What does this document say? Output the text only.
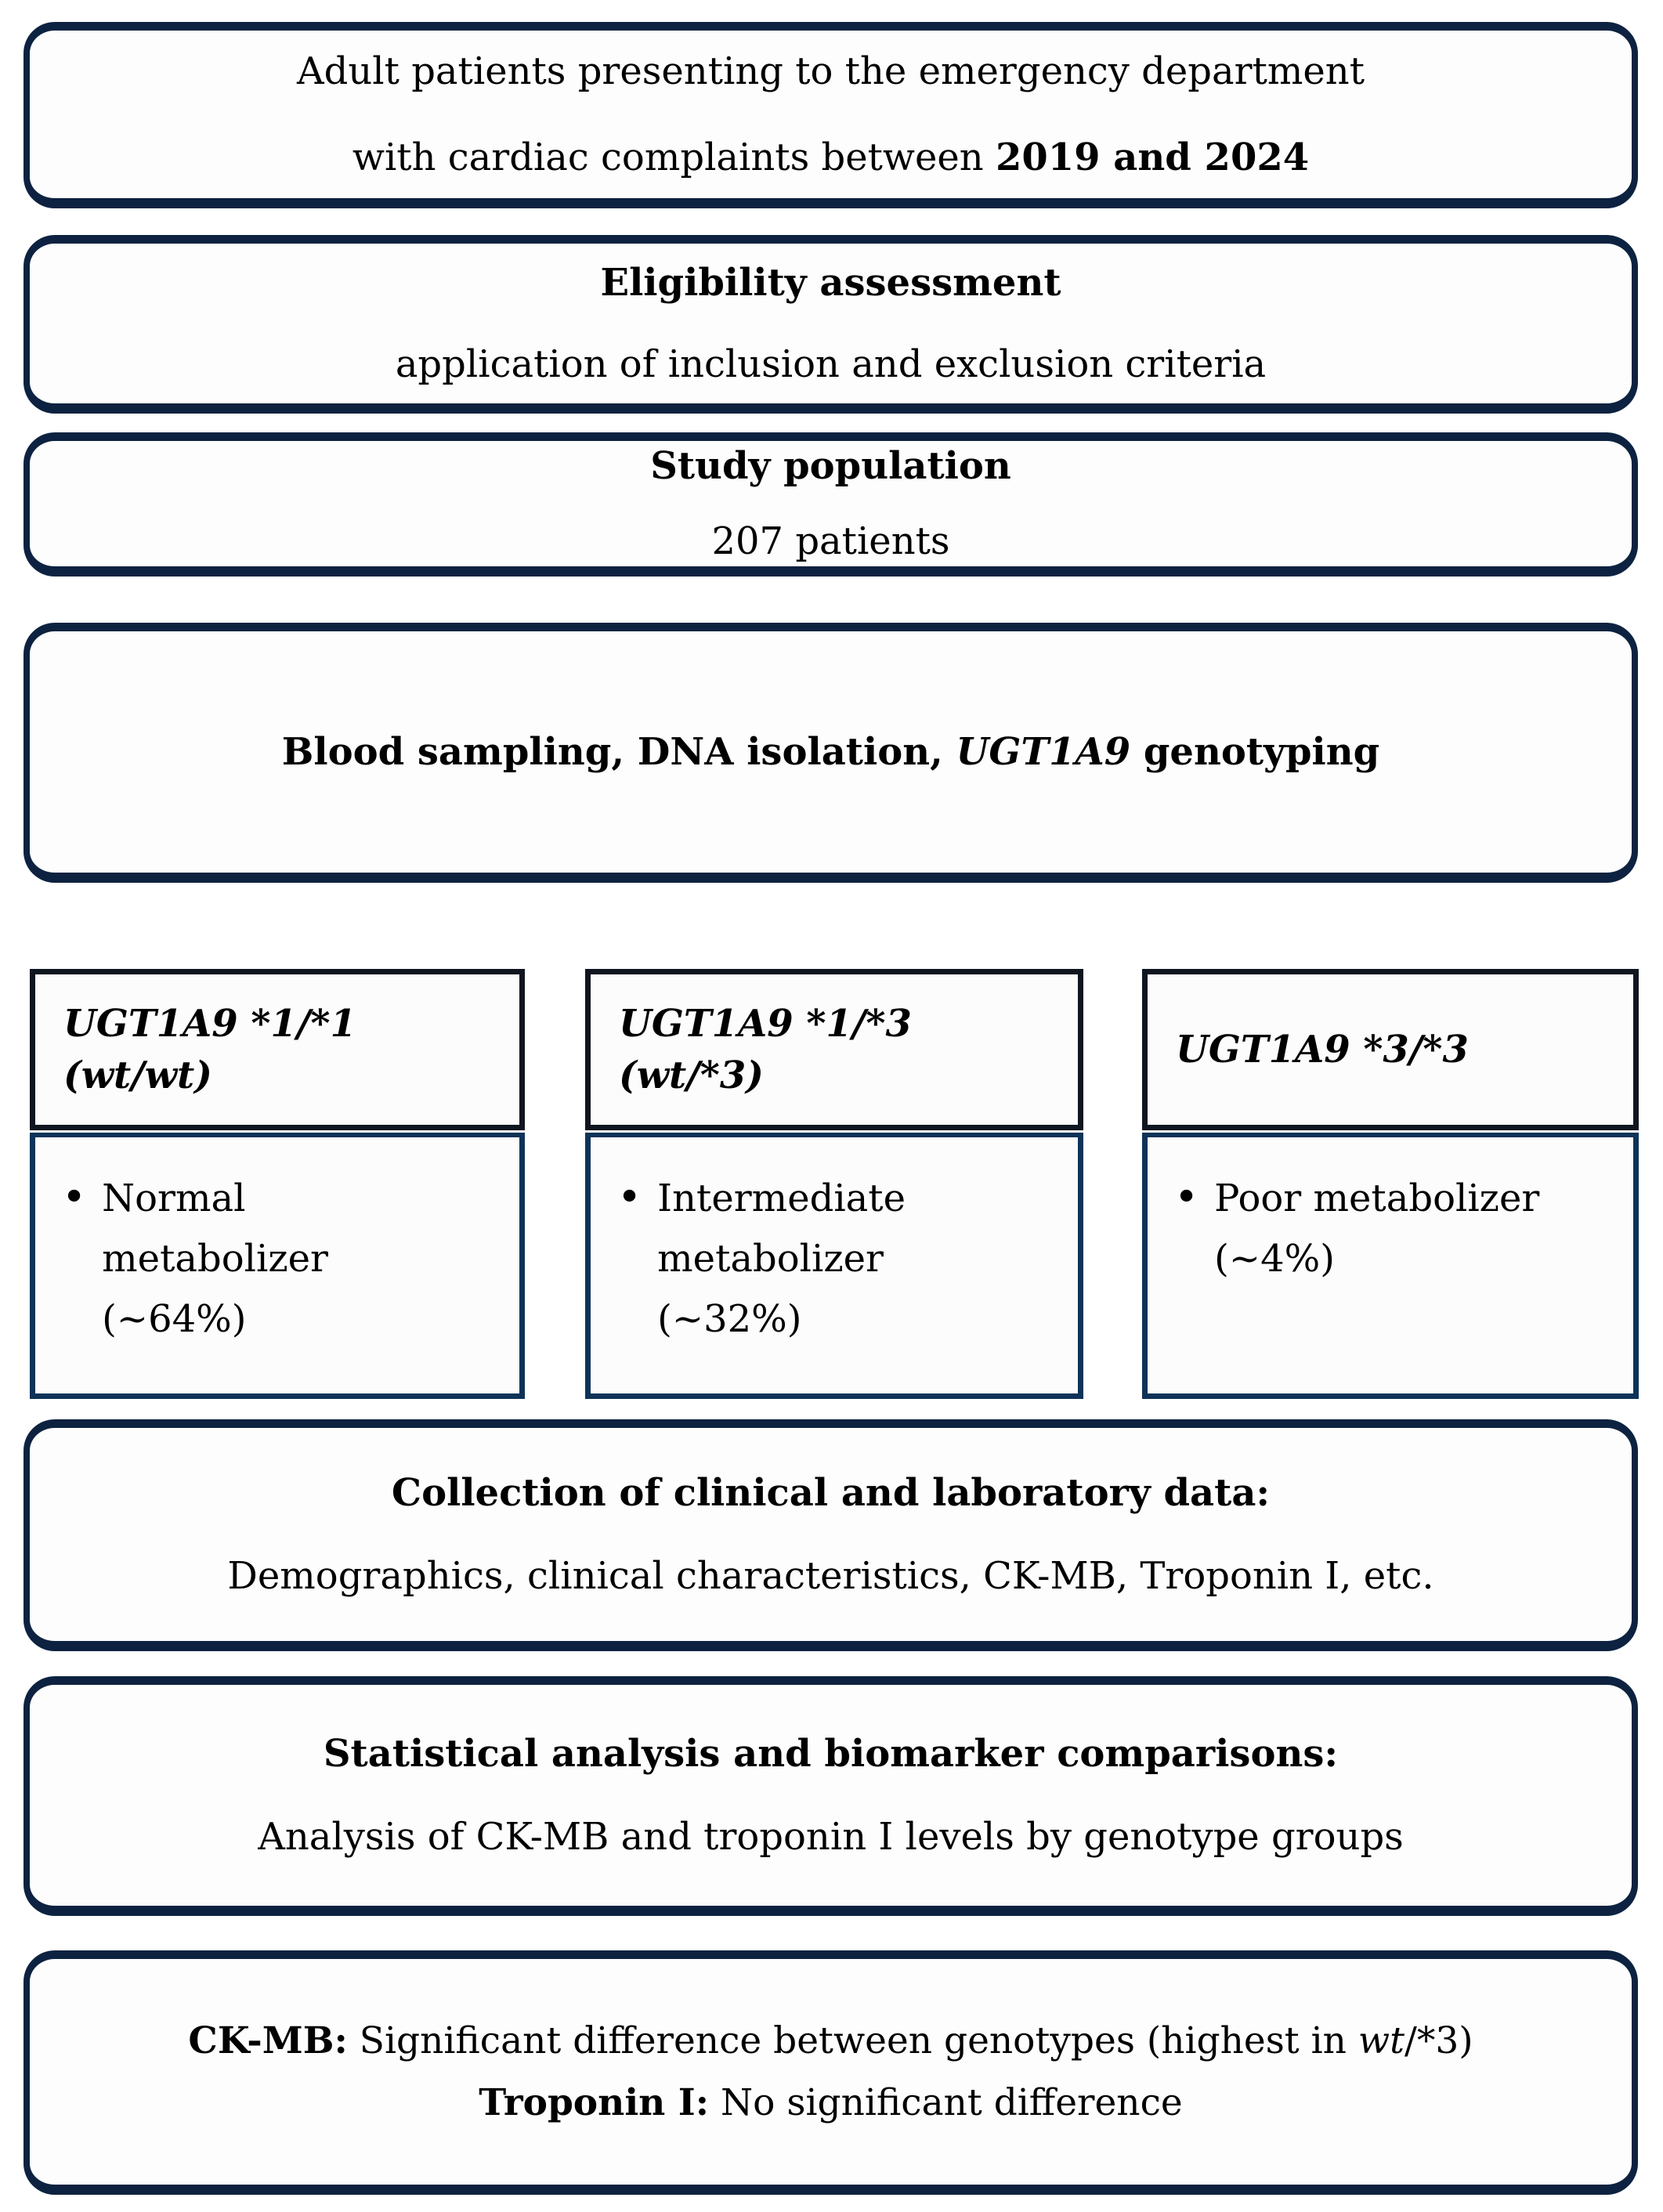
Adult patients presenting to the emergency department
with cardiac complaints between 2019 and 2024
Eligibility assessment
application of inclusion and exclusion criteria
Study population
207 patients
Blood sampling, DNA isolation, UGT1A9 genotyping
UGT1A9 *1/*1
(wt/wt)
• Normal metabolizer (~64%)
UGT1A9 *1/*3
(wt/*3)
• Intermediate metabolizer (~32%)
UGT1A9 *3/*3
• Poor metabolizer (~4%)
Collection of clinical and laboratory data:
Demographics, clinical characteristics, CK-MB, Troponin I, etc.
Statistical analysis and biomarker comparisons:
Analysis of CK-MB and troponin I levels by genotype groups
CK-MB: Significant difference between genotypes (highest in wt/*3)
Troponin I: No significant difference
